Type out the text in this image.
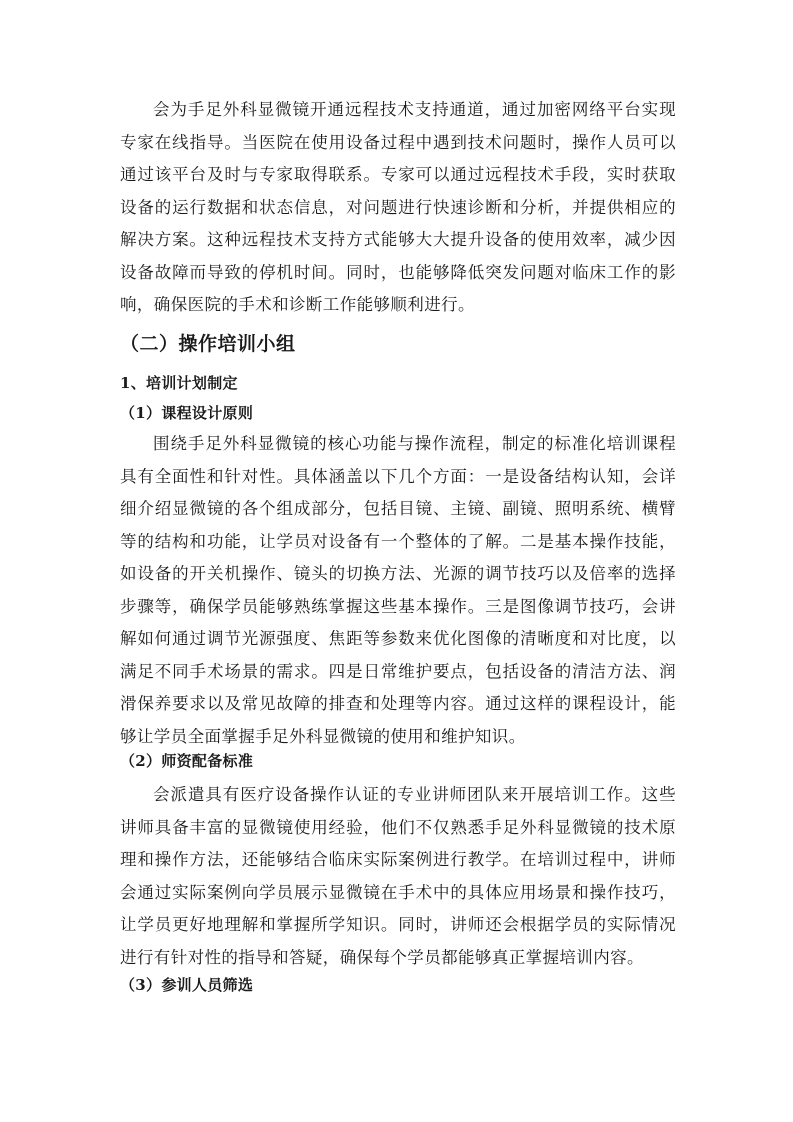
会为手足外科显微镜开通远程技术支持通道，通过加密网络平台实现专家在线指导。当医院在使用设备过程中遇到技术问题时，操作人员可以通过该平台及时与专家取得联系。专家可以通过远程技术手段，实时获取设备的运行数据和状态信息，对问题进行快速诊断和分析，并提供相应的解决方案。这种远程技术支持方式能够大大提升设备的使用效率，减少因设备故障而导致的停机时间。同时，也能够降低突发问题对临床工作的影响，确保医院的手术和诊断工作能够顺利进行。

（二）操作培训小组
1、培训计划制定
（1）课程设计原则

围绕手足外科显微镜的核心功能与操作流程，制定的标准化培训课程具有全面性和针对性。具体涵盖以下几个方面：一是设备结构认知，会详细介绍显微镜的各个组成部分，包括目镜、主镜、副镜、照明系统、横臂等的结构和功能，让学员对设备有一个整体的了解。二是基本操作技能，如设备的开关机操作、镜头的切换方法、光源的调节技巧以及倍率的选择步骤等，确保学员能够熟练掌握这些基本操作。三是图像调节技巧，会讲解如何通过调节光源强度、焦距等参数来优化图像的清晰度和对比度，以满足不同手术场景的需求。四是日常维护要点，包括设备的清洁方法、润滑保养要求以及常见故障的排查和处理等内容。通过这样的课程设计，能够让学员全面掌握手足外科显微镜的使用和维护知识。

（2）师资配备标准

会派遣具有医疗设备操作认证的专业讲师团队来开展培训工作。这些讲师具备丰富的显微镜使用经验，他们不仅熟悉手足外科显微镜的技术原理和操作方法，还能够结合临床实际案例进行教学。在培训过程中，讲师会通过实际案例向学员展示显微镜在手术中的具体应用场景和操作技巧，让学员更好地理解和掌握所学知识。同时，讲师还会根据学员的实际情况进行有针对性的指导和答疑，确保每个学员都能够真正掌握培训内容。

（3）参训人员筛选
